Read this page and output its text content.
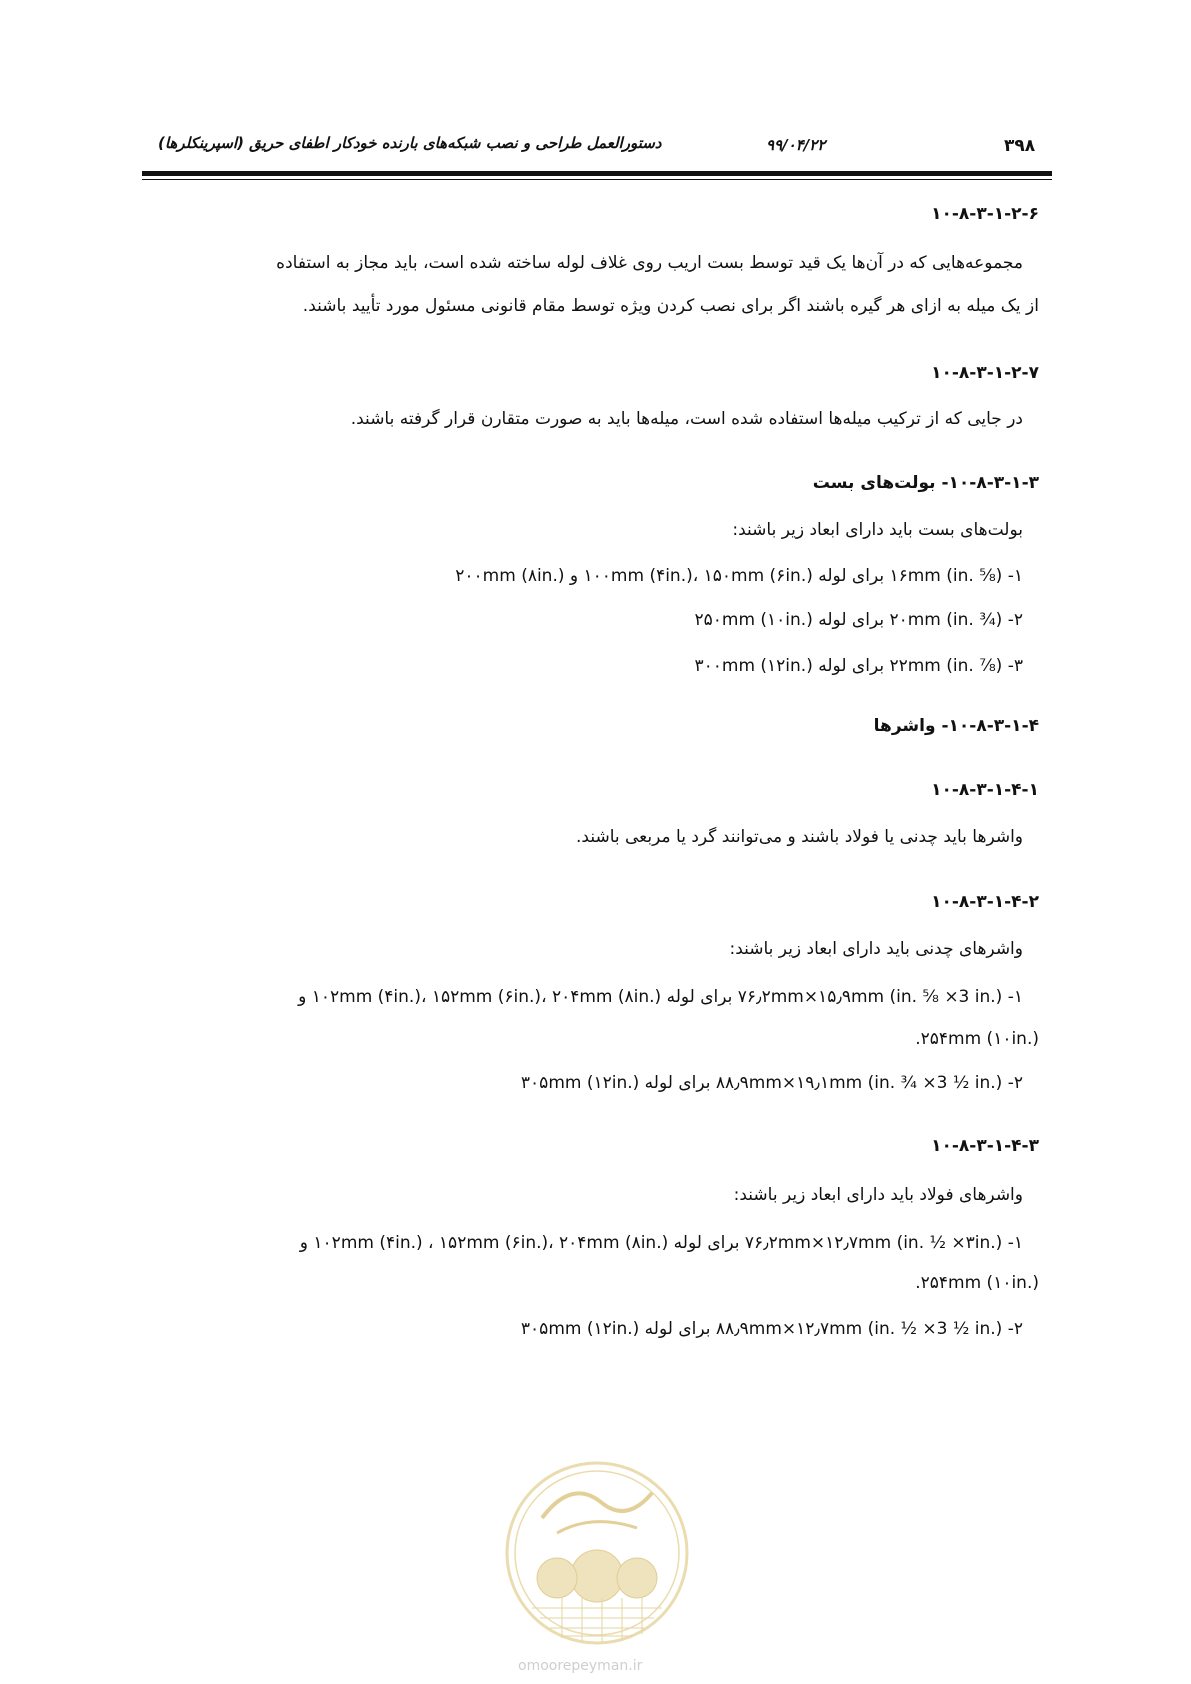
۳۹۸
۹۹/۰۴/۲۲
دستورالعمل طراحی و نصب شبکه‌های بارنده خودکار اطفای حریق (اسپرینکلرها)
۱۰-۸-۳-۱-۲-۶
مجموعه‌هایی که در آن‌ها یک قید توسط بست اریب روی غلاف لوله ساخته شده است، باید مجاز به استفاده
از یک میله به ازای هر گیره باشند اگر برای نصب کردن ویژه توسط مقام قانونی مسئول مورد تأیید باشند.
۱۰-۸-۳-۱-۲-۷
در جایی که از ترکیب میله‌ها استفاده شده است، میله‌ها باید به صورت متقارن قرار گرفته باشند.
۱۰-۸-۳-۱-۳- بولت‌های بست
بولت‌های بست باید دارای ابعاد زیر باشند:
۱- ۱۶mm (in. ⅝) برای لوله ۱۰۰mm (۴in.)، ۱۵۰mm (۶in.) و ۲۰۰mm (۸in.)
۲- ۲۰mm (in. ¾) برای لوله ۲۵۰mm (۱۰in.)
۳- ۲۲mm (in. ⅞) برای لوله ۳۰۰mm (۱۲in.)
۱۰-۸-۳-۱-۴- واشرها
۱۰-۸-۳-۱-۴-۱
واشرها باید چدنی یا فولاد باشند و می‌توانند گرد یا مربعی باشند.
۱۰-۸-۳-۱-۴-۲
واشرهای چدنی باید دارای ابعاد زیر باشند:
۱- ۷۶٫۲mm×۱۵٫۹mm (in. ⅝ ×3 in.) برای لوله ۱۰۲mm (۴in.)، ۱۵۲mm (۶in.)، ۲۰۴mm (۸in.) و
۲۵۴mm (۱۰in.).
۲- ۸۸٫۹mm×۱۹٫۱mm (in. ¾ ×3 ½ in.) برای لوله ۳۰۵mm (۱۲in.)
۱۰-۸-۳-۱-۴-۳
واشرهای فولاد باید دارای ابعاد زیر باشند:
۱- ۷۶٫۲mm×۱۲٫۷mm (in. ½ ×۳in.) برای لوله ۱۰۲mm (۴in.) ، ۱۵۲mm (۶in.)، ۲۰۴mm (۸in.) و
۲۵۴mm (۱۰in.).
۲- ۸۸٫۹mm×۱۲٫۷mm (in. ½ ×3 ½ in.) برای لوله ۳۰۵mm (۱۲in.)
omoorepeyman.ir
